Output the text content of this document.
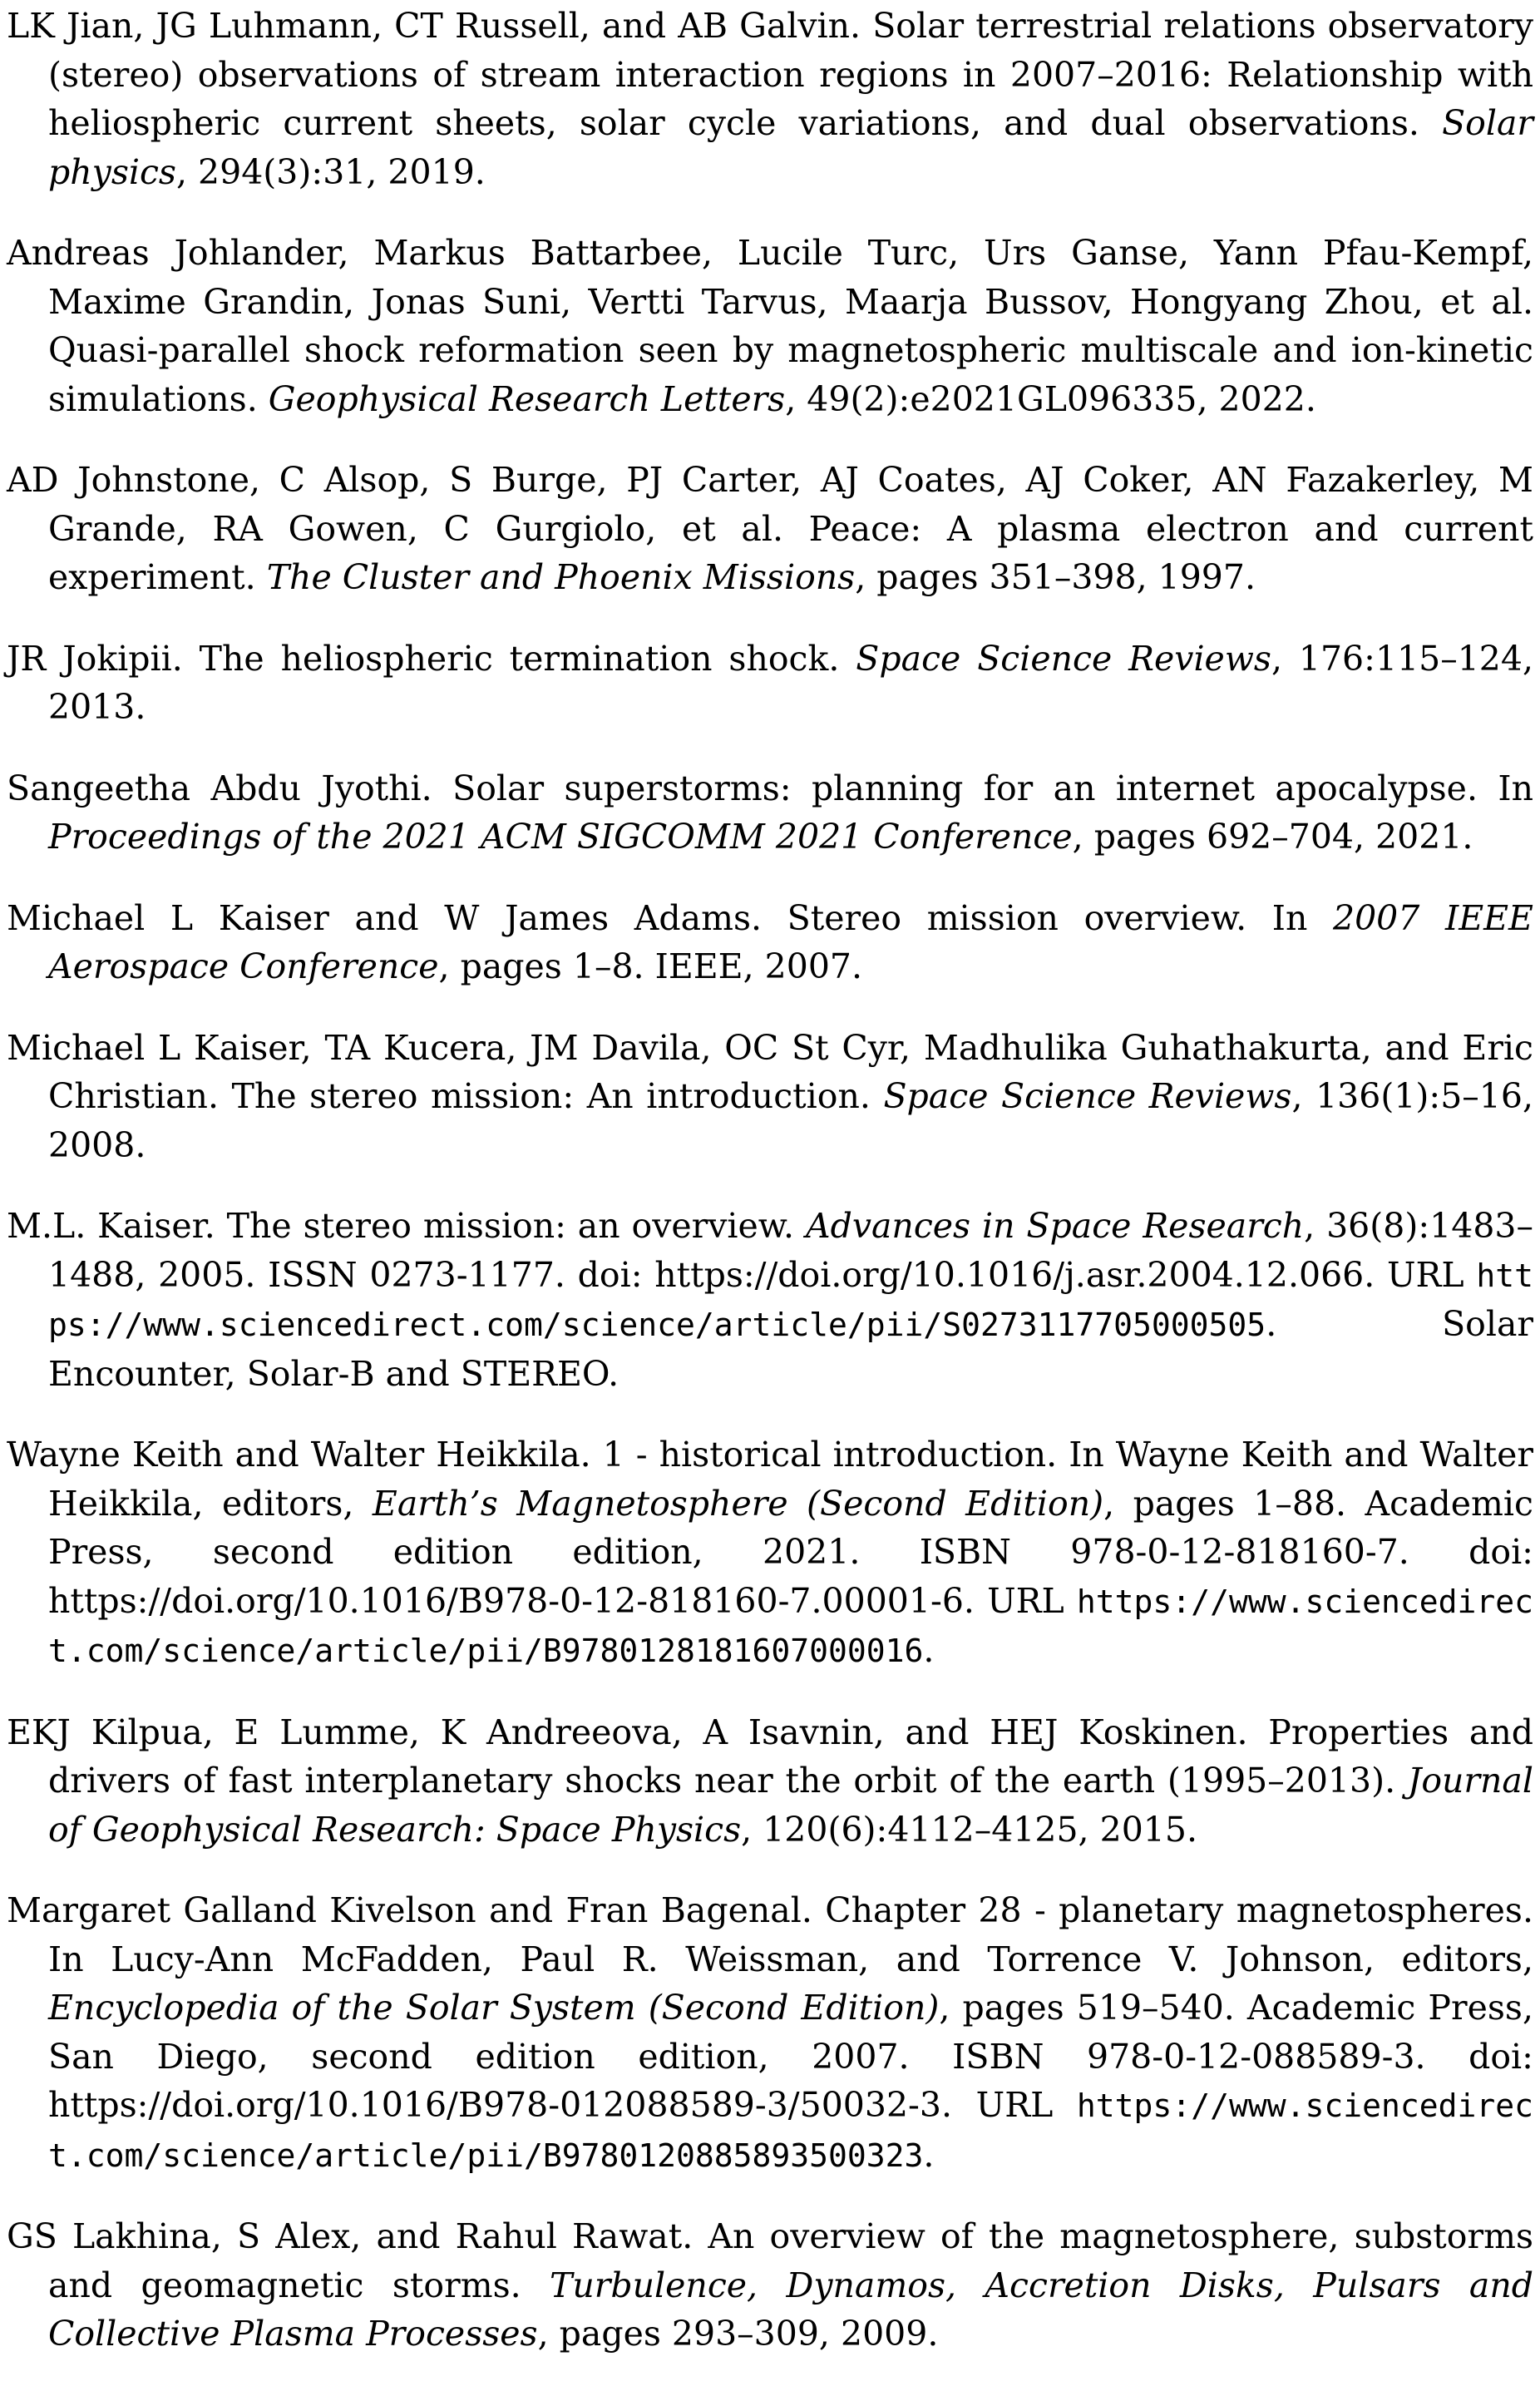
LK Jian, JG Luhmann, CT Russell, and AB Galvin. Solar terrestrial relations observatory (stereo) observations of stream interaction regions in 2007–2016: Relationship with heliospheric current sheets, solar cycle variations, and dual observations. Solar physics, 294(3):31, 2019.

Andreas Johlander, Markus Battarbee, Lucile Turc, Urs Ganse, Yann Pfau-Kempf, Maxime Grandin, Jonas Suni, Vertti Tarvus, Maarja Bussov, Hongyang Zhou, et al. Quasi-parallel shock reformation seen by magnetospheric multiscale and ion-kinetic simulations. Geophysical Research Letters, 49(2):e2021GL096335, 2022.

AD Johnstone, C Alsop, S Burge, PJ Carter, AJ Coates, AJ Coker, AN Fazakerley, M Grande, RA Gowen, C Gurgiolo, et al. Peace: A plasma electron and current experiment. The Cluster and Phoenix Missions, pages 351–398, 1997.

JR Jokipii. The heliospheric termination shock. Space Science Reviews, 176:115–124, 2013.

Sangeetha Abdu Jyothi. Solar superstorms: planning for an internet apocalypse. In Proceedings of the 2021 ACM SIGCOMM 2021 Conference, pages 692–704, 2021.

Michael L Kaiser and W James Adams. Stereo mission overview. In 2007 IEEE Aerospace Conference, pages 1–8. IEEE, 2007.

Michael L Kaiser, TA Kucera, JM Davila, OC St Cyr, Madhulika Guhathakurta, and Eric Christian. The stereo mission: An introduction. Space Science Reviews, 136(1):5–16, 2008.

M.L. Kaiser. The stereo mission: an overview. Advances in Space Research, 36(8):1483–1488, 2005. ISSN 0273-1177. doi: https://doi.org/10.1016/j.asr.2004.12.066. URL https://www.sciencedirect.com/science/article/pii/S0273117705000505. Solar Encounter, Solar-B and STEREO.

Wayne Keith and Walter Heikkila. 1 - historical introduction. In Wayne Keith and Walter Heikkila, editors, Earth’s Magnetosphere (Second Edition), pages 1–88. Academic Press, second edition edition, 2021. ISBN 978-0-12-818160-7. doi: https://doi.org/10.1016/B978-0-12-818160-7.00001-6. URL https://www.sciencedirect.com/science/article/pii/B9780128181607000016.

EKJ Kilpua, E Lumme, K Andreeova, A Isavnin, and HEJ Koskinen. Properties and drivers of fast interplanetary shocks near the orbit of the earth (1995–2013). Journal of Geophysical Research: Space Physics, 120(6):4112–4125, 2015.

Margaret Galland Kivelson and Fran Bagenal. Chapter 28 - planetary magnetospheres. In Lucy-Ann McFadden, Paul R. Weissman, and Torrence V. Johnson, editors, Encyclopedia of the Solar System (Second Edition), pages 519–540. Academic Press, San Diego, second edition edition, 2007. ISBN 978-0-12-088589-3. doi: https://doi.org/10.1016/B978-012088589-3/50032-3. URL https://www.sciencedirect.com/science/article/pii/B9780120885893500323.

GS Lakhina, S Alex, and Rahul Rawat. An overview of the magnetosphere, substorms and geomagnetic storms. Turbulence, Dynamos, Accretion Disks, Pulsars and Collective Plasma Processes, pages 293–309, 2009.
